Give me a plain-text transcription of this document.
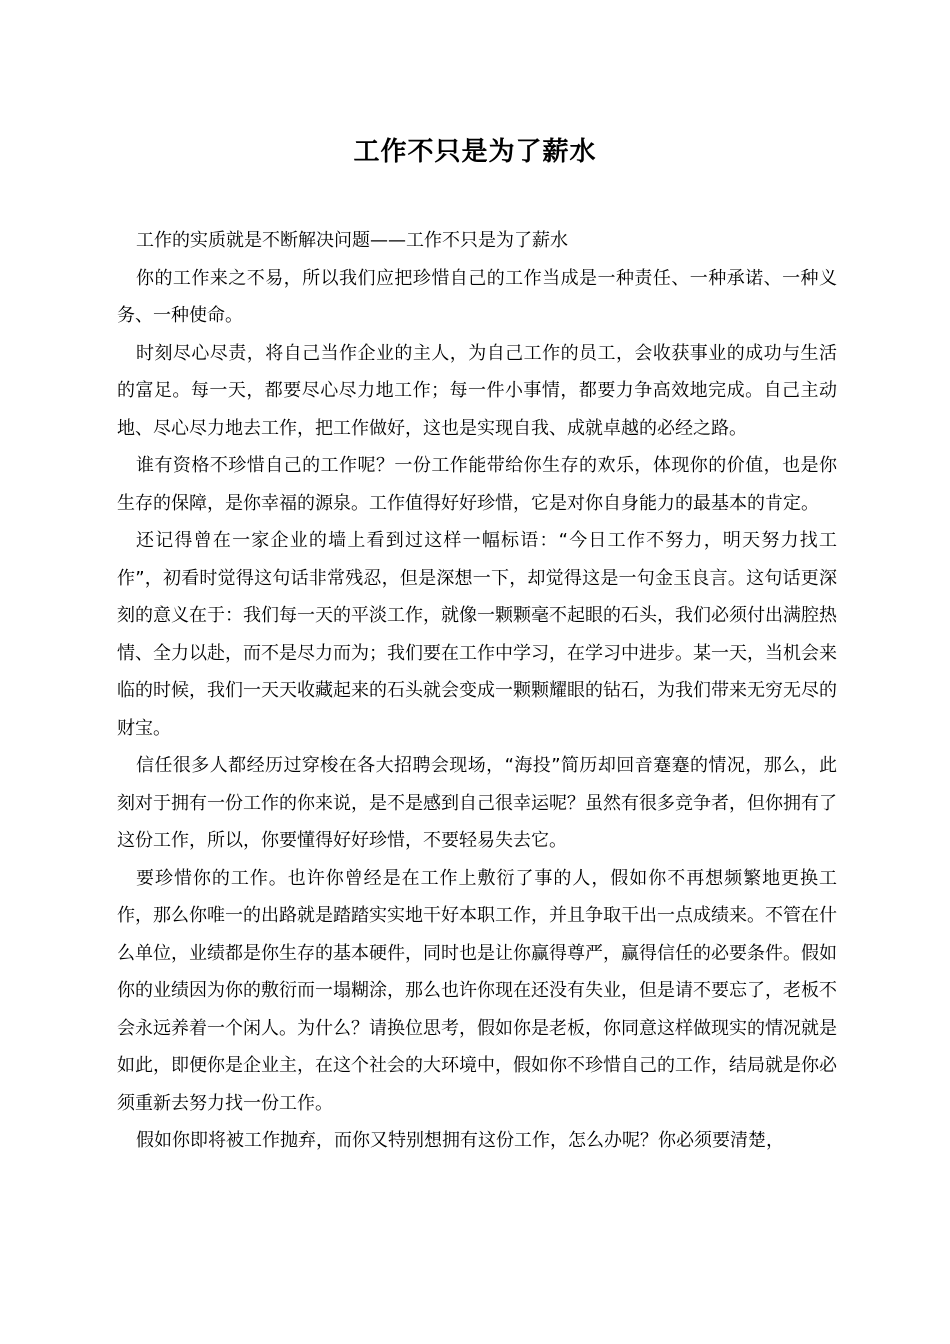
工作不只是为了薪水

工作的实质就是不断解决问题——工作不只是为了薪水

你的工作来之不易，所以我们应把珍惜自己的工作当成是一种责任、一种承诺、一种义务、一种使命。

时刻尽心尽责，将自己当作企业的主人，为自己工作的员工，会收获事业的成功与生活的富足。每一天，都要尽心尽力地工作；每一件小事情，都要力争高效地完成。自己主动地、尽心尽力地去工作，把工作做好，这也是实现自我、成就卓越的必经之路。

谁有资格不珍惜自己的工作呢？一份工作能带给你生存的欢乐，体现你的价值，也是你生存的保障，是你幸福的源泉。工作值得好好珍惜，它是对你自身能力的最基本的肯定。

还记得曾在一家企业的墙上看到过这样一幅标语：“今日工作不努力，明天努力找工作”，初看时觉得这句话非常残忍，但是深想一下，却觉得这是一句金玉良言。这句话更深刻的意义在于：我们每一天的平淡工作，就像一颗颗毫不起眼的石头，我们必须付出满腔热情、全力以赴，而不是尽力而为；我们要在工作中学习，在学习中进步。某一天，当机会来临的时候，我们一天天收藏起来的石头就会变成一颗颗耀眼的钻石，为我们带来无穷无尽的财宝。

信任很多人都经历过穿梭在各大招聘会现场，“海投”简历却回音蹇蹇的情况，那么，此刻对于拥有一份工作的你来说，是不是感到自己很幸运呢？虽然有很多竞争者，但你拥有了这份工作，所以，你要懂得好好珍惜，不要轻易失去它。

要珍惜你的工作。也许你曾经是在工作上敷衍了事的人，假如你不再想频繁地更换工作，那么你唯一的出路就是踏踏实实地干好本职工作，并且争取干出一点成绩来。不管在什么单位，业绩都是你生存的基本硬件，同时也是让你赢得尊严，赢得信任的必要条件。假如你的业绩因为你的敷衍而一塌糊涂，那么也许你现在还没有失业，但是请不要忘了，老板不会永远养着一个闲人。为什么？请换位思考，假如你是老板，你同意这样做现实的情况就是如此，即便你是企业主，在这个社会的大环境中，假如你不珍惜自己的工作，结局就是你必须重新去努力找一份工作。

假如你即将被工作抛弃，而你又特别想拥有这份工作，怎么办呢？你必须要清楚，
